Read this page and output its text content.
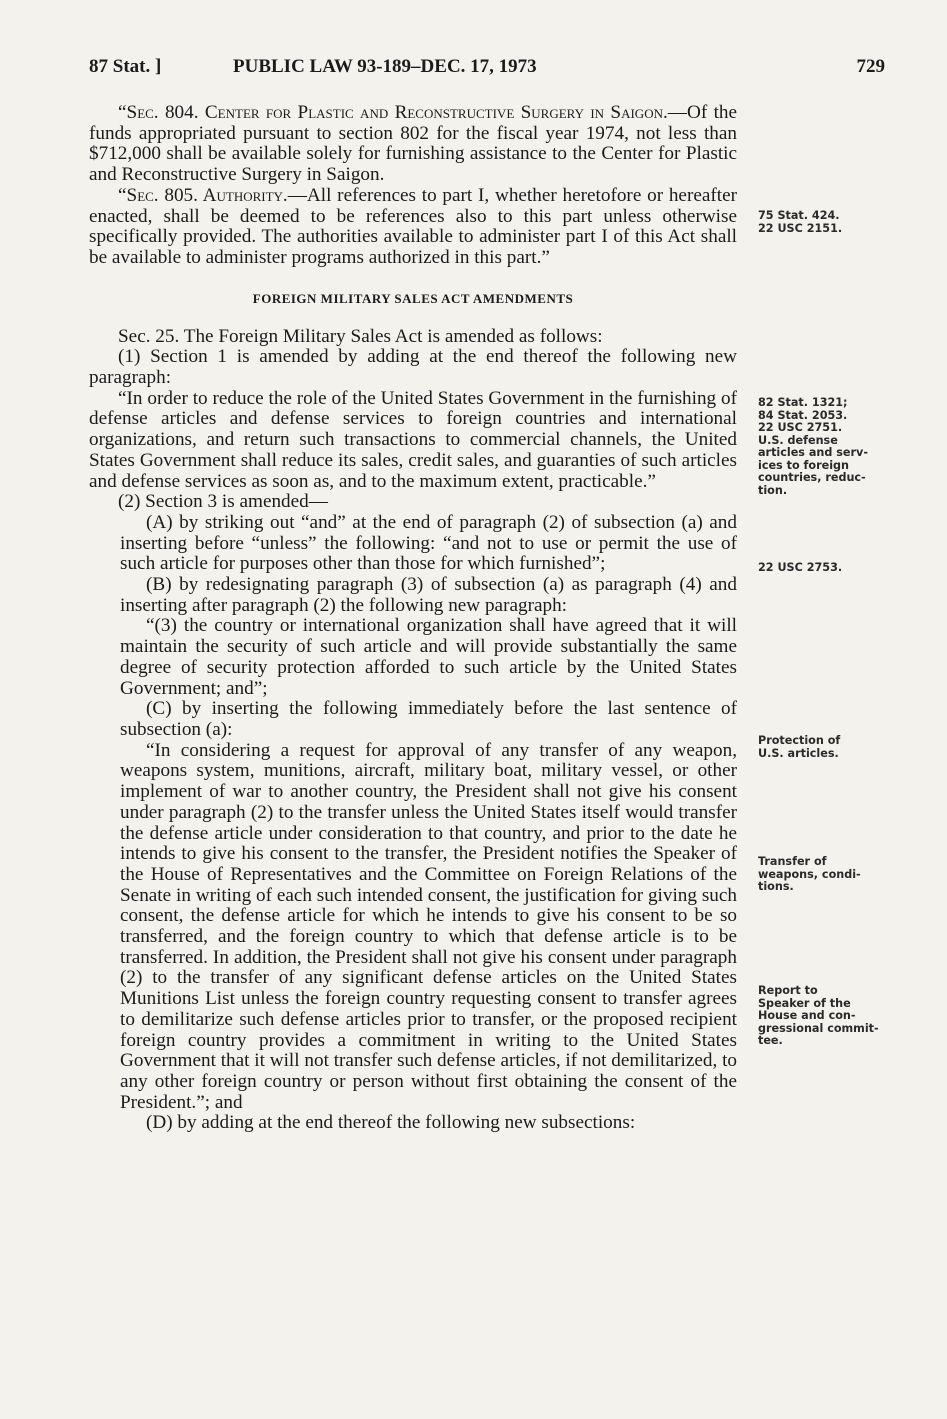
87 Stat. ]	PUBLIC LAW 93-189–DEC. 17, 1973	729

“Sec. 804. Center for Plastic and Reconstructive Surgery in Saigon.—Of the funds appropriated pursuant to section 802 for the fiscal year 1974, not less than $712,000 shall be available solely for furnishing assistance to the Center for Plastic and Reconstructive Surgery in Saigon.

“Sec. 805. Authority.—All references to part I, whether heretofore or hereafter enacted, shall be deemed to be references also to this part unless otherwise specifically provided. The authorities available to administer part I of this Act shall be available to administer programs authorized in this part.”

FOREIGN MILITARY SALES ACT AMENDMENTS

Sec. 25. The Foreign Military Sales Act is amended as follows:

(1) Section 1 is amended by adding at the end thereof the following new paragraph:

“In order to reduce the role of the United States Government in the furnishing of defense articles and defense services to foreign countries and international organizations, and return such transactions to commercial channels, the United States Government shall reduce its sales, credit sales, and guaranties of such articles and defense services as soon as, and to the maximum extent, practicable.”

(2) Section 3 is amended—

(A) by striking out “and” at the end of paragraph (2) of subsection (a) and inserting before “unless” the following: “and not to use or permit the use of such article for purposes other than those for which furnished”;

(B) by redesignating paragraph (3) of subsection (a) as paragraph (4) and inserting after paragraph (2) the following new paragraph:

“(3) the country or international organization shall have agreed that it will maintain the security of such article and will provide substantially the same degree of security protection afforded to such article by the United States Government; and”;

(C) by inserting the following immediately before the last sentence of subsection (a):

“In considering a request for approval of any transfer of any weapon, weapons system, munitions, aircraft, military boat, military vessel, or other implement of war to another country, the President shall not give his consent under paragraph (2) to the transfer unless the United States itself would transfer the defense article under consideration to that country, and prior to the date he intends to give his consent to the transfer, the President notifies the Speaker of the House of Representatives and the Committee on Foreign Relations of the Senate in writing of each such intended consent, the justification for giving such consent, the defense article for which he intends to give his consent to be so transferred, and the foreign country to which that defense article is to be transferred. In addition, the President shall not give his consent under paragraph (2) to the transfer of any significant defense articles on the United States Munitions List unless the foreign country requesting consent to transfer agrees to demilitarize such defense articles prior to transfer, or the proposed recipient foreign country provides a commitment in writing to the United States Government that it will not transfer such defense articles, if not demilitarized, to any other foreign country or person without first obtaining the consent of the President.”; and

(D) by adding at the end thereof the following new subsections:

75 Stat. 424.
22 USC 2151.
82 Stat. 1321;
84 Stat. 2053.
22 USC 2751.
U.S. defense
articles and serv-
ices to foreign
countries, reduc-
tion.
22 USC 2753.
Protection of
U.S. articles.
Transfer of
weapons, condi-
tions.
Report to
Speaker of the
House and con-
gressional commit-
tee.
